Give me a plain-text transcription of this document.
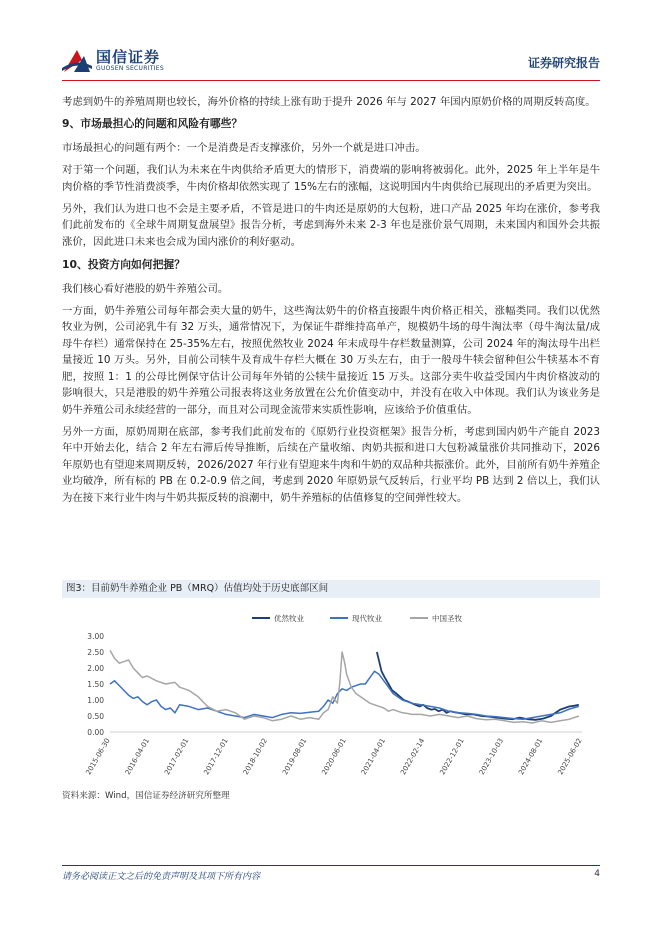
国信证券
GUOSEN SECURITIES	证券研究报告

考虑到奶牛的养殖周期也较长，海外价格的持续上涨有助于提升 2026 年与 2027 年国内原奶价格的周期反转高度。

9、市场最担心的问题和风险有哪些？

市场最担心的问题有两个：一个是消费是否支撑涨价，另外一个就是进口冲击。

对于第一个问题，我们认为未来在牛肉供给矛盾更大的情形下，消费端的影响将被弱化。此外，2025 年上半年是牛肉价格的季节性消费淡季，牛肉价格却依然实现了 15%左右的涨幅，这说明国内牛肉供给已展现出的矛盾更为突出。

另外，我们认为进口也不会是主要矛盾，不管是进口的牛肉还是原奶的大包粉，进口产品 2025 年均在涨价，参考我们此前发布的《全球牛周期复盘展望》报告分析，考虑到海外未来 2-3 年也是涨价景气周期，未来国内和国外会共振涨价，因此进口未来也会成为国内涨价的利好驱动。

10、投资方向如何把握？

我们核心看好港股的奶牛养殖公司。

一方面，奶牛养殖公司每年都会卖大量的奶牛，这些淘汰奶牛的价格直接跟牛肉价格正相关，涨幅类同。我们以优然牧业为例，公司泌乳牛有 32 万头，通常情况下，为保证牛群维持高单产，规模奶牛场的母牛淘汰率（母牛淘汰量/成母牛存栏）通常保持在 25-35%左右，按照优然牧业 2024 年末成母牛存栏数量测算，公司 2024 年的淘汰母牛出栏量接近 10 万头。另外，目前公司犊牛及育成牛存栏大概在 30 万头左右，由于一般母牛犊会留种但公牛犊基本不育肥，按照 1：1 的公母比例保守估计公司每年外销的公犊牛量接近 15 万头。这部分卖牛收益受国内牛肉价格波动的影响很大，只是港股的奶牛养殖公司报表将这业务放置在公允价值变动中，并没有在收入中体现。我们认为该业务是奶牛养殖公司永续经营的一部分，而且对公司现金流带来实质性影响，应该给予价值重估。

另外一方面，原奶周期在底部，参考我们此前发布的《原奶行业投资框架》报告分析，考虑到国内奶牛产能自 2023 年中开始去化，结合 2 年左右滞后传导推断，后续在产量收缩、肉奶共振和进口大包粉减量涨价共同推动下，2026 年原奶也有望迎来周期反转，2026/2027 年行业有望迎来牛肉和牛奶的双品种共振涨价。此外，目前所有奶牛养殖企业均破净，所有标的 PB 在 0.2-0.9 倍之间，考虑到 2020 年原奶景气反转后，行业平均 PB 达到 2 倍以上，我们认为在接下来行业牛肉与牛奶共振反转的浪潮中，奶牛养殖标的估值修复的空间弹性较大。

图3：目前奶牛养殖企业 PB（MRQ）估值均处于历史底部区间
3.00
2.50
2.00
1.50
1.00
0.50
0.00
2015-06-30 2016-04-01 2017-02-01 2017-12-01 2018-10-02 2019-08-01 2020-06-01 2021-04-01 2022-02-14 2022-12-01 2023-10-03 2024-08-01 2025-06-02
优然牧业	现代牧业	中国圣牧
资料来源：Wind，国信证券经济研究所整理
请务必阅读正文之后的免责声明及其项下所有内容	4
